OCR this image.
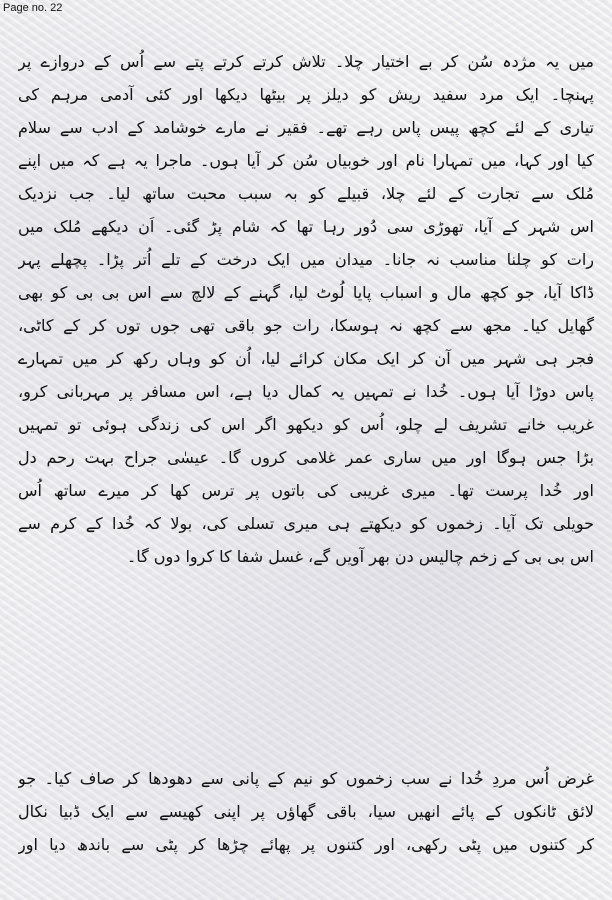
Page no. 22
میں یہ مژدہ سُن کر بے اختیار چلا۔ تلاش کرتے کرتے پتے سے اُس کے دروازے پر
پہنچا۔ ایک مرد سفید ریش کو دیلز پر بیٹھا دیکھا اور کئی آدمی مرہم کی
تیاری کے لئے کچھ پیس پاس رہے تھے۔ فقیر نے مارے خوشامد کے ادب سے سلام
کیا اور کہا، میں تمہارا نام اور خوبیاں سُن کر آیا ہوں۔ ماجرا یہ ہے کہ میں اپنے
مُلک سے تجارت کے لئے چلا، قبیلے کو بہ سبب محبت ساتھ لیا۔ جب نزدیک
اس شہر کے آیا، تھوڑی سی دُور رہا تھا کہ شام پڑ گئی۔ اَن دیکھے مُلک میں
رات کو چلنا مناسب نہ جانا۔ میدان میں ایک درخت کے تلے اُتر پڑا۔ پچھلے پہر
ڈاکا آیا، جو کچھ مال و اسباب پایا لُوٹ لیا، گہنے کے لالچ سے اس بی بی کو بھی
گھایل کیا۔ مجھ سے کچھ نہ ہوسکا، رات جو باقی تھی جوں توں کر کے کاٹی،
فجر ہی شہر میں آن کر ایک مکان کرائے لیا، اُن کو وہاں رکھ کر میں تمہارے
پاس دوڑا آیا ہوں۔ خُدا نے تمہیں یہ کمال دیا ہے، اس مسافر پر مہربانی کرو،
غریب خانے تشریف لے چلو، اُس کو دیکھو اگر اس کی زندگی ہوئی تو تمہیں
بڑا جس ہوگا اور میں ساری عمر غلامی کروں گا۔ عیسٰی جراح بہت رحم دل
اور خُدا پرست تھا۔ میری غریبی کی باتوں پر ترس کھا کر میرے ساتھ اُس
حویلی تک آیا۔ زخموں کو دیکھتے ہی میری تسلی کی، بولا کہ خُدا کے کرم سے
اس بی بی کے زخم چالیس دن بھر آویں گے، غسل شفا کا کروا دوں گا۔
غرض اُس مردِ خُدا نے سب زخموں کو نیم کے پانی سے دھودھا کر صاف کیا۔ جو
لائق ٹانکوں کے پائے انھیں سیا، باقی گھاؤں پر اپنی کھیسے سے ایک ڈبیا نکال
کر کتنوں میں پٹی رکھی، اور کتنوں پر پھائے چڑھا کر پٹی سے باندھ دیا اور
